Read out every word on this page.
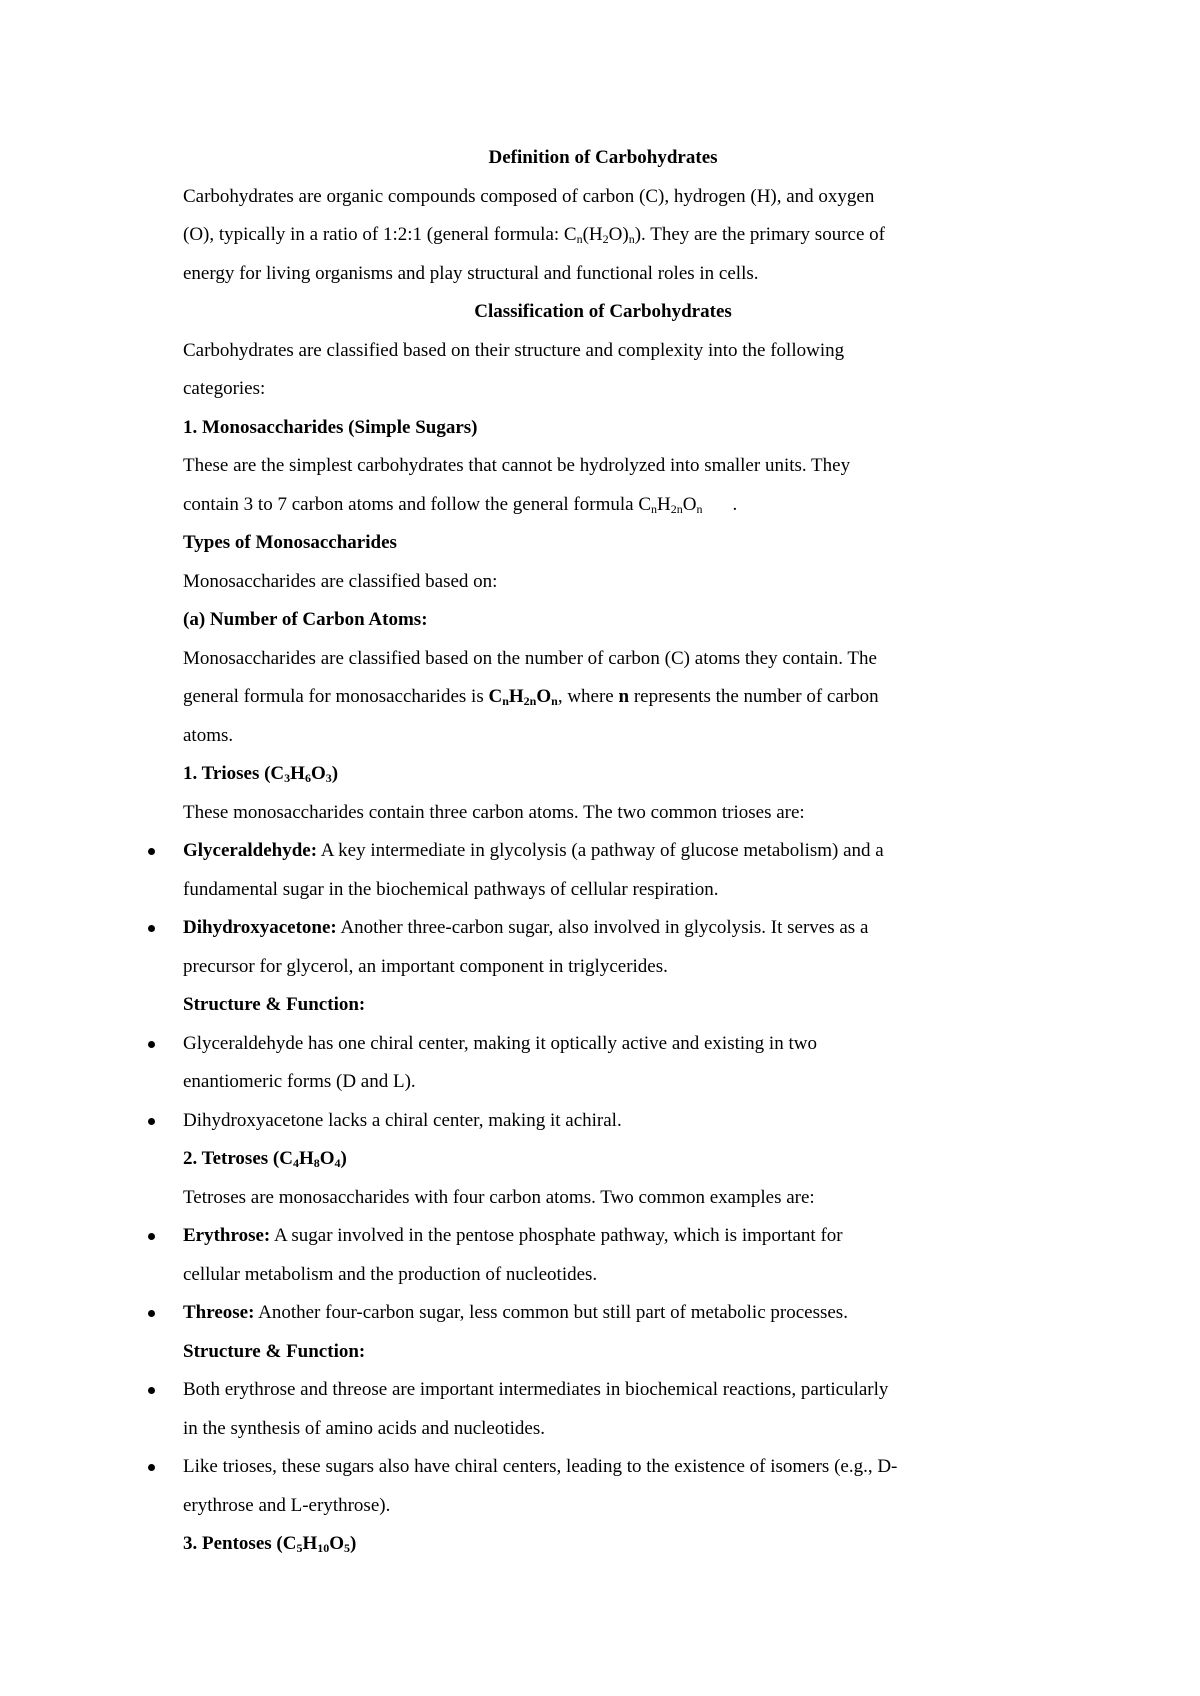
Definition of Carbohydrates
Carbohydrates are organic compounds composed of carbon (C), hydrogen (H), and oxygen
(O), typically in a ratio of 1:2:1 (general formula: $C_n(H_2O)_n$). They are the primary source of
energy for living organisms and play structural and functional roles in cells.
Classification of Carbohydrates
Carbohydrates are classified based on their structure and complexity into the following
categories:
1. Monosaccharides (Simple Sugars)
These are the simplest carbohydrates that cannot be hydrolyzed into smaller units. They
contain 3 to 7 carbon atoms and follow the general formula $C_nH_{2n}O_n$ .
Types of Monosaccharides
Monosaccharides are classified based on:
(a) Number of Carbon Atoms:
Monosaccharides are classified based on the number of carbon (C) atoms they contain. The
general formula for monosaccharides is $C_nH_{2n}O_n$, where n represents the number of carbon
atoms.
1. Trioses $(C_3H_6O_3)$
These monosaccharides contain three carbon atoms. The two common trioses are:
Glyceraldehyde: A key intermediate in glycolysis (a pathway of glucose metabolism) and a
fundamental sugar in the biochemical pathways of cellular respiration.
Dihydroxyacetone: Another three-carbon sugar, also involved in glycolysis. It serves as a
precursor for glycerol, an important component in triglycerides.
Structure & Function:
Glyceraldehyde has one chiral center, making it optically active and existing in two
enantiomeric forms (D and L).
Dihydroxyacetone lacks a chiral center, making it achiral.
2. Tetroses $(C_4H_8O_4)$
Tetroses are monosaccharides with four carbon atoms. Two common examples are:
Erythrose: A sugar involved in the pentose phosphate pathway, which is important for
cellular metabolism and the production of nucleotides.
Threose: Another four-carbon sugar, less common but still part of metabolic processes.
Structure & Function:
Both erythrose and threose are important intermediates in biochemical reactions, particularly
in the synthesis of amino acids and nucleotides.
Like trioses, these sugars also have chiral centers, leading to the existence of isomers (e.g., D-
erythrose and L-erythrose).
3. Pentoses $(C_5H_{10}O_5)$
